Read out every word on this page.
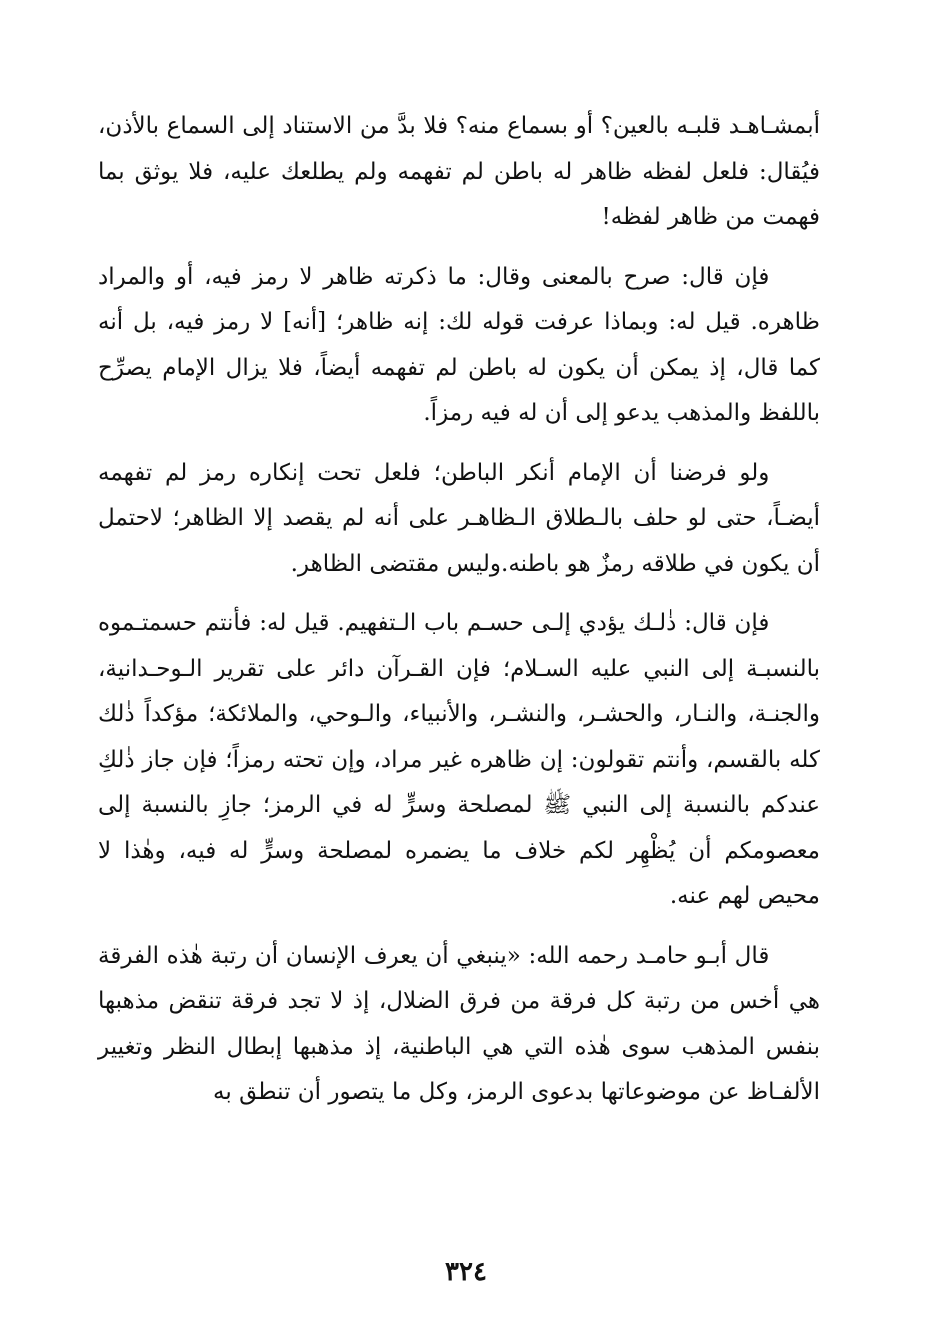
أبمشـاهـد قلبـه بالعين؟ أو بسماع منه؟ فلا بدَّ من الاستناد إلى السماع بالأذن، فيُقال: فلعل لفظه ظاهر له باطن لم تفهمه ولم يطلعك عليه، فلا يوثق بما فهمت من ظاهر لفظه!

فإن قال: صرح بالمعنى وقال: ما ذكرته ظاهر لا رمز فيه، أو والمراد ظاهره. قيل له: وبماذا عرفت قوله لك: إنه ظاهر؛ [أنه] لا رمز فيه، بل أنه كما قال، إذ يمكن أن يكون له باطن لم تفهمه أيضاً، فلا يزال الإمام يصرِّح باللفظ والمذهب يدعو إلى أن له فيه رمزاً.

ولو فرضنا أن الإمام أنكر الباطن؛ فلعل تحت إنكاره رمز لم تفهمه أيضـاً، حتى لو حلف بالـطلاق الـظاهـر على أنه لم يقصد إلا الظاهر؛ لاحتمل أن يكون في طلاقه رمزٌ هو باطنه.وليس مقتضى الظاهر.

فإن قال: ذٰلـك يؤدي إلـى حسـم باب الـتفهيم. قيل له: فأنتم حسمتـموه بالنسبـة إلى النبي عليه السـلام؛ فإن القـرآن دائر على تقرير الـوحـدانية، والجنـة، والنـار، والحشـر، والنشـر، والأنبياء، والـوحي، والملائكة؛ مؤكداً ذٰلك كله بالقسم، وأنتم تقولون: إن ظاهره غير مراد، وإن تحته رمزاً؛ فإن جاز ذٰلكِ عندكم بالنسبة إلى النبي ﷺ لمصلحة وسرٍّ له في الرمز؛ جازِ بالنسبة إلى معصومكم أن يُظْهِر لكم خلاف ما يضمره لمصلحة وسرٍّ له فيه، وهٰذا لا محيص لهم عنه.

قال أبـو حامـد رحمه الله: «ينبغي أن يعرف الإنسان أن رتبة هٰذه الفرقة هي أخس من رتبة كل فرقة من فرق الضلال، إذ لا تجد فرقة تنقض مذهبها بنفس المذهب سوى هٰذه التي هي الباطنية، إذ مذهبها إبطال النظر وتغيير الألفـاظ عن موضوعاتها بدعوى الرمز، وكل ما يتصور أن تنطق به

٣٢٤
